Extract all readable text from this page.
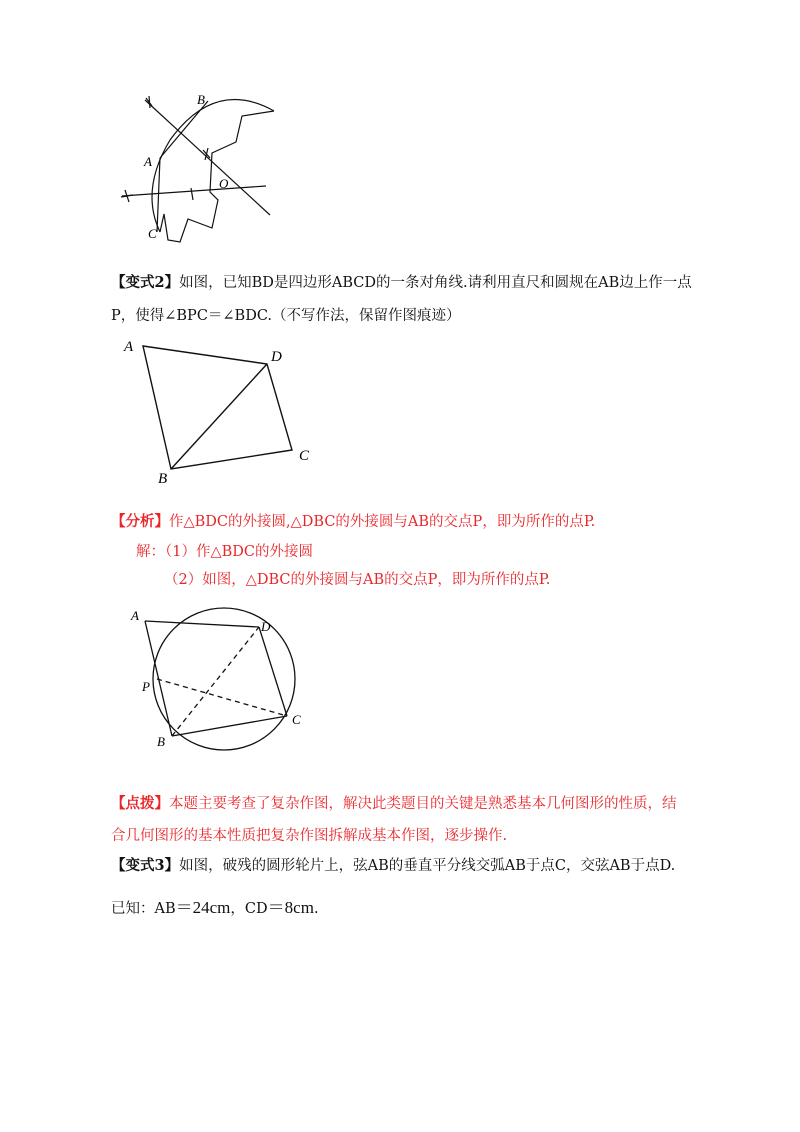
B
A
O
C
【变式2】如图，已知BD是四边形ABCD的一条对角线.请利用直尺和圆规在AB边上作一点
P，使得∠BPC＝∠BDC.（不写作法，保留作图痕迹）
A
D
B
C
【分析】作△BDC的外接圆,△DBC的外接圆与AB的交点P，即为所作的点P.
解：（1）作△BDC的外接圆
（2）如图，△DBC的外接圆与AB的交点P，即为所作的点P.
A
D
P
C
B
【点拨】本题主要考查了复杂作图，解决此类题目的关键是熟悉基本几何图形的性质，结
合几何图形的基本性质把复杂作图拆解成基本作图，逐步操作.
【变式3】如图，破残的圆形轮片上，弦AB的垂直平分线交弧AB于点C，交弦AB于点D.
已知：AB＝24cm，CD＝8cm.
